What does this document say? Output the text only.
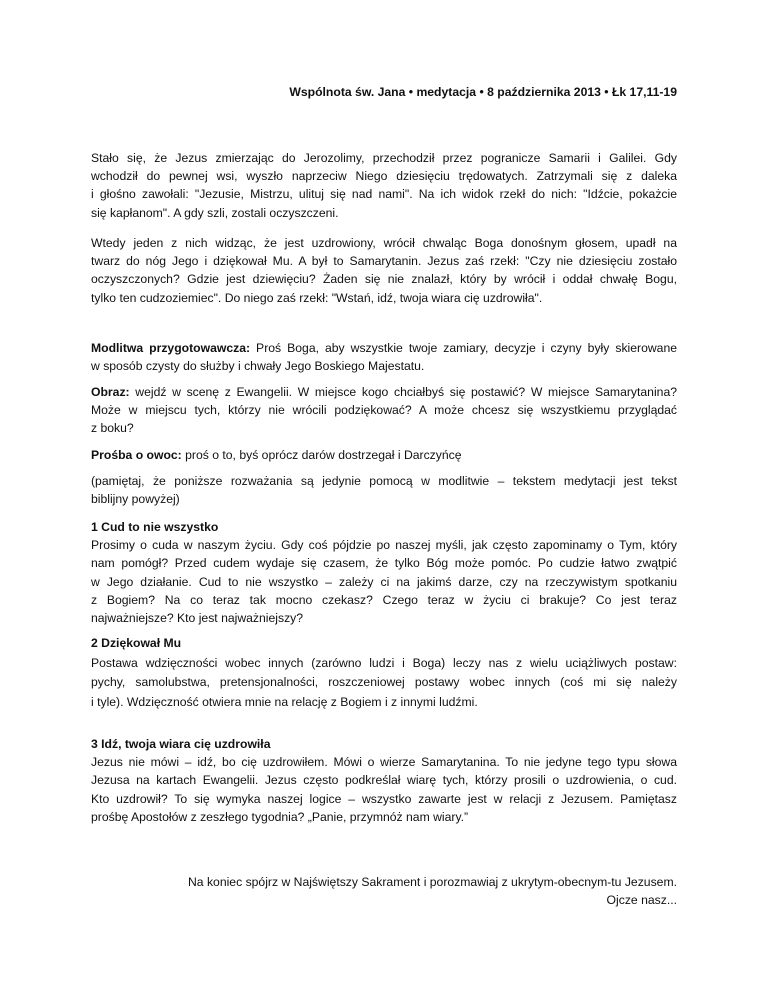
Wspólnota św. Jana • medytacja • 8 października 2013 • Łk 17,11-19
Stało się, że Jezus zmierzając do Jerozolimy, przechodził przez pogranicze Samarii i Galilei. Gdy
wchodził do pewnej wsi, wyszło naprzeciw Niego dziesięciu trędowatych. Zatrzymali się z daleka
i głośno zawołali: "Jezusie, Mistrzu, ulituj się nad nami". Na ich widok rzekł do nich: "Idźcie, pokażcie
się kapłanom". A gdy szli, zostali oczyszczeni.
Wtedy jeden z nich widząc, że jest uzdrowiony, wrócił chwaląc Boga donośnym głosem, upadł na
twarz do nóg Jego i dziękował Mu. A był to Samarytanin. Jezus zaś rzekł: "Czy nie dziesięciu zostało
oczyszczonych? Gdzie jest dziewięciu? Żaden się nie znalazł, który by wrócił i oddał chwałę Bogu,
tylko ten cudzoziemiec". Do niego zaś rzekł: "Wstań, idź, twoja wiara cię uzdrowiła".
Modlitwa przygotowawcza: Proś Boga, aby wszystkie twoje zamiary, decyzje i czyny były skierowane
w sposób czysty do służby i chwały Jego Boskiego Majestatu.
Obraz: wejdź w scenę z Ewangelii. W miejsce kogo chciałbyś się postawić? W miejsce Samarytanina?
Może w miejscu tych, którzy nie wrócili podziękować? A może chcesz się wszystkiemu przyglądać
z boku?
Prośba o owoc: proś o to, byś oprócz darów dostrzegał i Darczyńcę
(pamiętaj, że poniższe rozważania są jedynie pomocą w modlitwie – tekstem medytacji jest tekst
biblijny powyżej)
1 Cud to nie wszystko
Prosimy o cuda w naszym życiu. Gdy coś pójdzie po naszej myśli, jak często zapominamy o Tym, który
nam pomógł? Przed cudem wydaje się czasem, że tylko Bóg może pomóc. Po cudzie łatwo zwątpić
w Jego działanie. Cud to nie wszystko – zależy ci na jakimś darze, czy na rzeczywistym spotkaniu
z Bogiem? Na co teraz tak mocno czekasz? Czego teraz w życiu ci brakuje? Co jest teraz
najważniejsze? Kto jest najważniejszy?
2 Dziękował Mu
Postawa wdzięczności wobec innych (zarówno ludzi i Boga) leczy nas z wielu uciążliwych postaw:
pychy, samolubstwa, pretensjonalności, roszczeniowej postawy wobec innych (coś mi się należy
i tyle). Wdzięczność otwiera mnie na relację z Bogiem i z innymi ludźmi.
3 Idź, twoja wiara cię uzdrowiła
Jezus nie mówi – idź, bo cię uzdrowiłem. Mówi o wierze Samarytanina. To nie jedyne tego typu słowa
Jezusa na kartach Ewangelii. Jezus często podkreślał wiarę tych, którzy prosili o uzdrowienia, o cud.
Kto uzdrowił? To się wymyka naszej logice – wszystko zawarte jest w relacji z Jezusem. Pamiętasz
prośbę Apostołów z zeszłego tygodnia? „Panie, przymnóż nam wiary.”
Na koniec spójrz w Najświętszy Sakrament i porozmawiaj z ukrytym-obecnym-tu Jezusem.
Ojcze nasz...
